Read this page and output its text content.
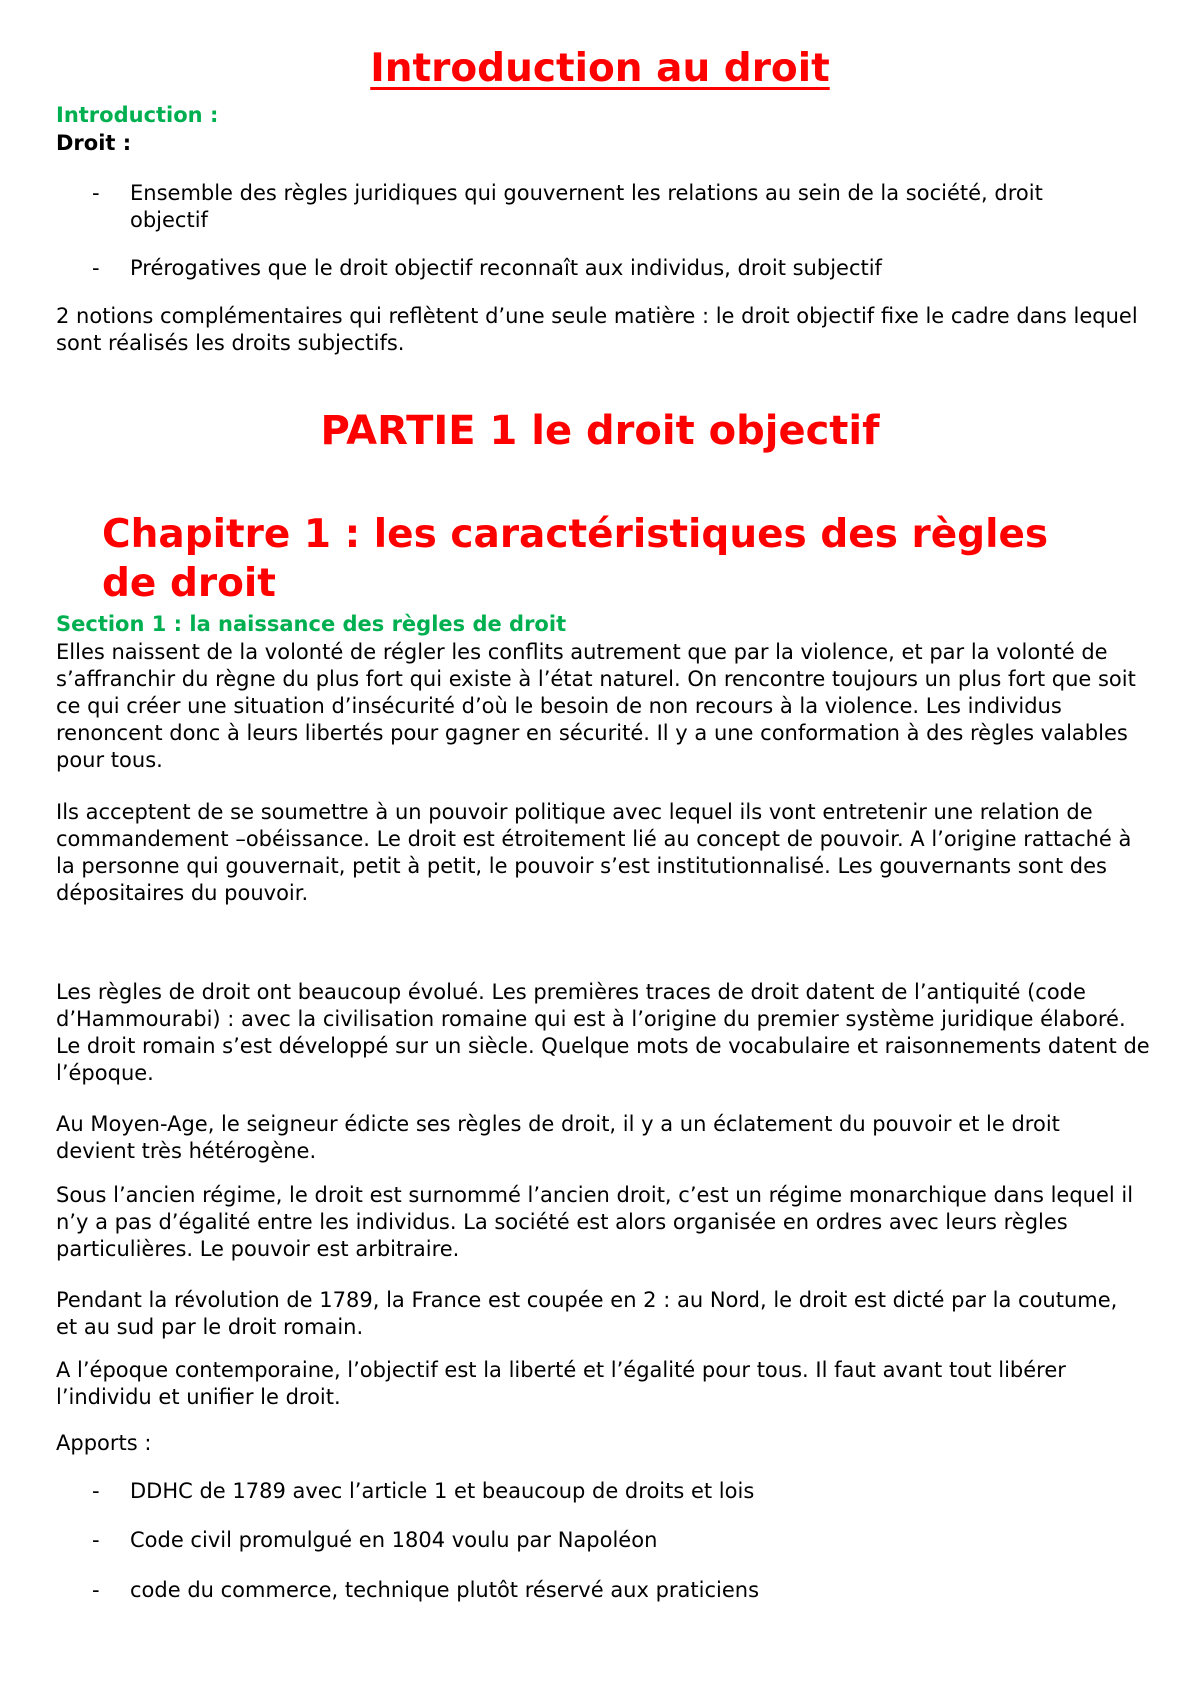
Introduction au droit
Introduction :
Droit :
- Ensemble des règles juridiques qui gouvernent les relations au sein de la société, droit objectif
- Prérogatives que le droit objectif reconnaît aux individus, droit subjectif

2 notions complémentaires qui reflètent d’une seule matière : le droit objectif fixe le cadre dans lequel sont réalisés les droits subjectifs.

PARTIE 1 le droit objectif
Chapitre 1 : les caractéristiques des règles de droit
Section 1 : la naissance des règles de droit

Elles naissent de la volonté de régler les conflits autrement que par la violence, et par la volonté de s’affranchir du règne du plus fort qui existe à l’état naturel. On rencontre toujours un plus fort que soit ce qui créer une situation d’insécurité d’où le besoin de non recours à la violence. Les individus renoncent donc à leurs libertés pour gagner en sécurité. Il y a une conformation à des règles valables pour tous.

Ils acceptent de se soumettre à un pouvoir politique avec lequel ils vont entretenir une relation de commandement –obéissance. Le droit est étroitement lié au concept de pouvoir. A l’origine rattaché à la personne qui gouvernait, petit à petit, le pouvoir s’est institutionnalisé. Les gouvernants sont des dépositaires du pouvoir.

Les règles de droit ont beaucoup évolué. Les premières traces de droit datent de l’antiquité (code d’Hammourabi) : avec la civilisation romaine qui est à l’origine du premier système juridique élaboré. Le droit romain s’est développé sur un siècle. Quelque mots de vocabulaire et raisonnements datent de l’époque.

Au Moyen-Age, le seigneur édicte ses règles de droit, il y a un éclatement du pouvoir et le droit devient très hétérogène.

Sous l’ancien régime, le droit est surnommé l’ancien droit, c’est un régime monarchique dans lequel il n’y a pas d’égalité entre les individus. La société est alors organisée en ordres avec leurs règles particulières. Le pouvoir est arbitraire.

Pendant la révolution de 1789, la France est coupée en 2 : au Nord, le droit est dicté par la coutume, et au sud par le droit romain.

A l’époque contemporaine, l’objectif est la liberté et l’égalité pour tous. Il faut avant tout libérer l’individu et unifier le droit.

Apports :

- DDHC de 1789 avec l’article 1 et beaucoup de droits et lois
- Code civil promulgué en 1804 voulu par Napoléon
- code du commerce, technique plutôt réservé aux praticiens
